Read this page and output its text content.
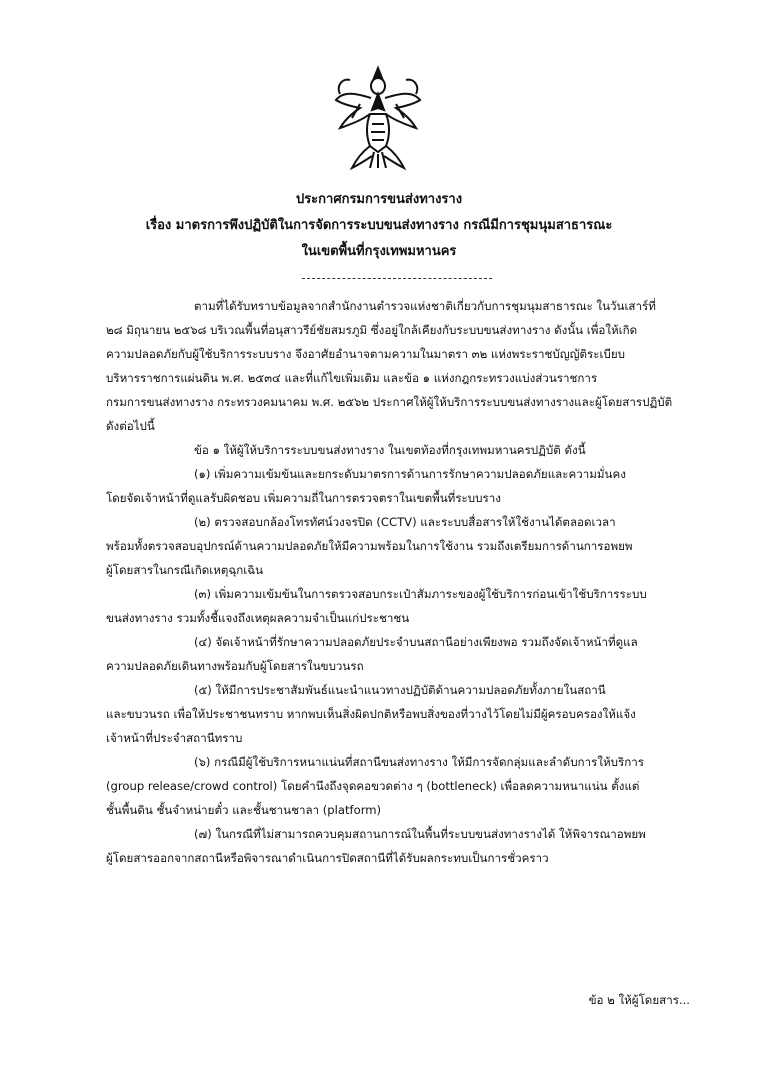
ประกาศกรมการขนส่งทางราง
เรื่อง มาตรการพึงปฏิบัติในการจัดการระบบขนส่งทางราง กรณีมีการชุมนุมสาธารณะ
ในเขตพื้นที่กรุงเทพมหานคร
ตามที่ได้รับทราบข้อมูลจากสำนักงานตำรวจแห่งชาติเกี่ยวกับการชุมนุมสาธารณะ ในวันเสาร์ที่
๒๘ มิถุนายน ๒๕๖๘ บริเวณพื้นที่อนุสาวรีย์ชัยสมรภูมิ ซึ่งอยู่ใกล้เคียงกับระบบขนส่งทางราง ดังนั้น เพื่อให้เกิด
ความปลอดภัยกับผู้ใช้บริการระบบราง จึงอาศัยอำนาจตามความในมาตรา ๓๒ แห่งพระราชบัญญัติระเบียบ
บริหารราชการแผ่นดิน พ.ศ. ๒๕๓๔ และที่แก้ไขเพิ่มเติม และข้อ ๑ แห่งกฎกระทรวงแบ่งส่วนราชการ
กรมการขนส่งทางราง กระทรวงคมนาคม พ.ศ. ๒๕๖๒ ประกาศให้ผู้ให้บริการระบบขนส่งทางรางและผู้โดยสารปฏิบัติ
ดังต่อไปนี้
ข้อ ๑ ให้ผู้ให้บริการระบบขนส่งทางราง ในเขตท้องที่กรุงเทพมหานครปฏิบัติ ดังนี้
(๑) เพิ่มความเข้มข้นและยกระดับมาตรการด้านการรักษาความปลอดภัยและความมั่นคง
โดยจัดเจ้าหน้าที่ดูแลรับผิดชอบ เพิ่มความถี่ในการตรวจตราในเขตพื้นที่ระบบราง
(๒) ตรวจสอบกล้องโทรทัศน์วงจรปิด (CCTV) และระบบสื่อสารให้ใช้งานได้ตลอดเวลา
พร้อมทั้งตรวจสอบอุปกรณ์ด้านความปลอดภัยให้มีความพร้อมในการใช้งาน รวมถึงเตรียมการด้านการอพยพ
ผู้โดยสารในกรณีเกิดเหตุฉุกเฉิน
(๓) เพิ่มความเข้มข้นในการตรวจสอบกระเป๋าสัมภาระของผู้ใช้บริการก่อนเข้าใช้บริการระบบ
ขนส่งทางราง รวมทั้งชี้แจงถึงเหตุผลความจำเป็นแก่ประชาชน
(๔) จัดเจ้าหน้าที่รักษาความปลอดภัยประจำบนสถานีอย่างเพียงพอ รวมถึงจัดเจ้าหน้าที่ดูแล
ความปลอดภัยเดินทางพร้อมกับผู้โดยสารในขบวนรถ
(๕) ให้มีการประชาสัมพันธ์แนะนำแนวทางปฏิบัติด้านความปลอดภัยทั้งภายในสถานี
และขบวนรถ เพื่อให้ประชาชนทราบ หากพบเห็นสิ่งผิดปกติหรือพบสิ่งของที่วางไว้โดยไม่มีผู้ครอบครองให้แจ้ง
เจ้าหน้าที่ประจำสถานีทราบ
(๖) กรณีมีผู้ใช้บริการหนาแน่นที่สถานีขนส่งทางราง ให้มีการจัดกลุ่มและลำดับการให้บริการ
(group release/crowd control) โดยคำนึงถึงจุดคอขวดต่าง ๆ (bottleneck) เพื่อลดความหนาแน่น ตั้งแต่
ชั้นพื้นดิน ชั้นจำหน่ายตั๋ว และชั้นชานชาลา (platform)
(๗) ในกรณีที่ไม่สามารถควบคุมสถานการณ์ในพื้นที่ระบบขนส่งทางรางได้ ให้พิจารณาอพยพ
ผู้โดยสารออกจากสถานีหรือพิจารณาดำเนินการปิดสถานีที่ได้รับผลกระทบเป็นการชั่วคราว
ข้อ ๒ ให้ผู้โดยสาร...
